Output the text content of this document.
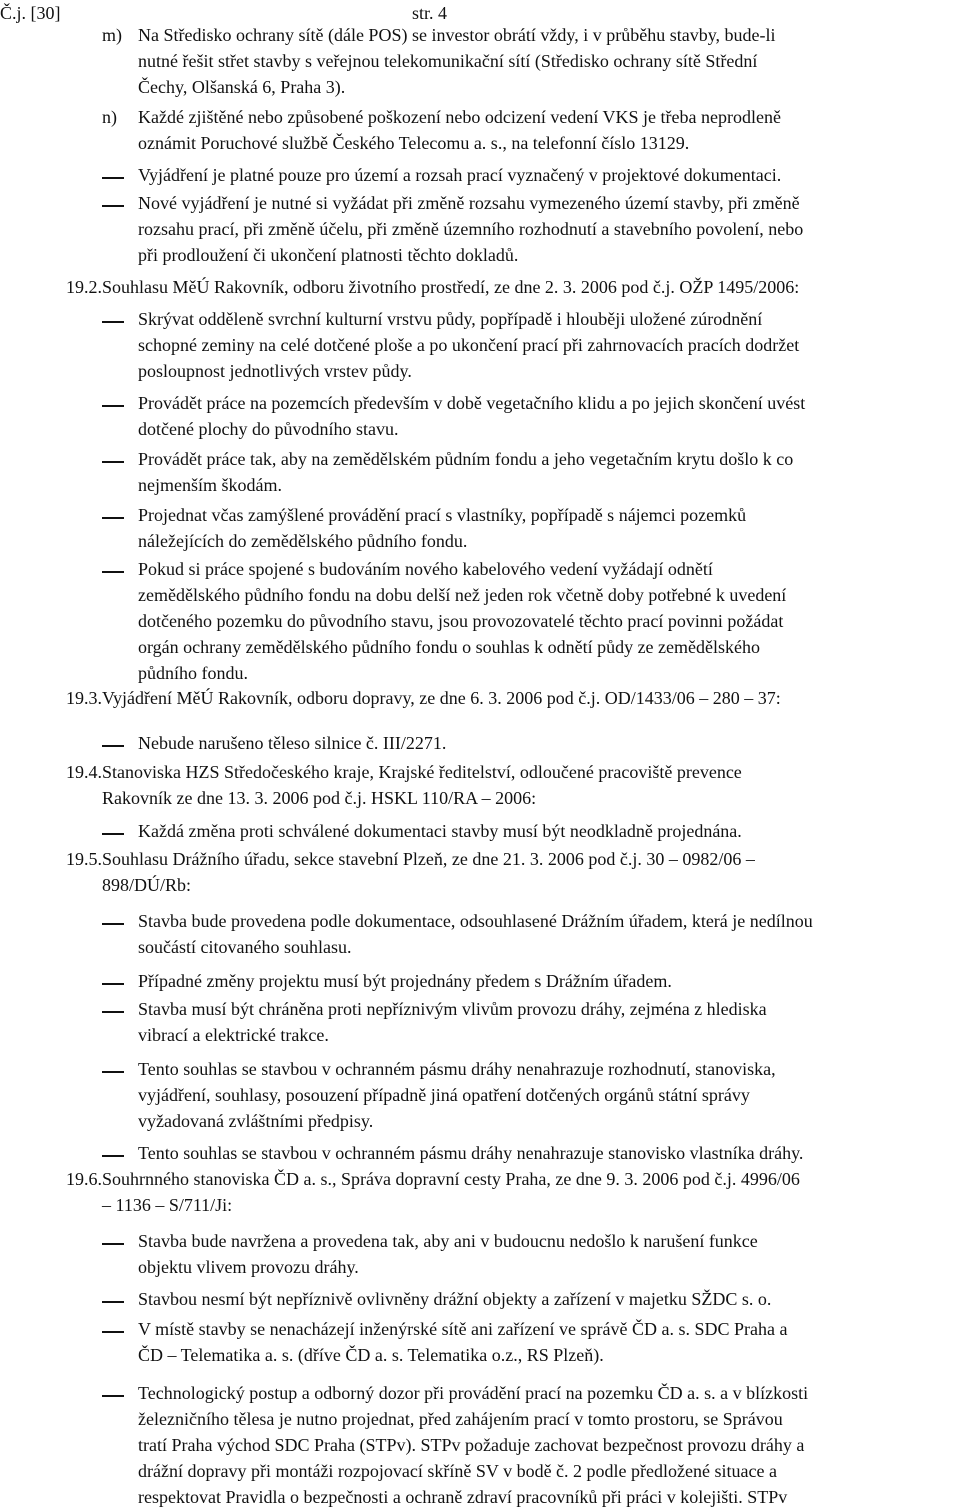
Č.j. [30]	str. 4
m) Na Středisko ochrany sítě (dále POS) se investor obrátí vždy, i v průběhu stavby, bude-li
nutné řešit střet stavby s veřejnou telekomunikační sítí (Středisko ochrany sítě Střední
Čechy, Olšanská 6, Praha 3).
n) Každé zjištěné nebo způsobené poškození nebo odcizení vedení VKS je třeba neprodleně
oznámit Poruchové službě Českého Telecomu a. s., na telefonní číslo 13129.
Vyjádření je platné pouze pro území a rozsah prací vyznačený v projektové dokumentaci.
Nové vyjádření je nutné si vyžádat při změně rozsahu vymezeného území stavby, při změně
rozsahu prací, při změně účelu, při změně územního rozhodnutí a stavebního povolení, nebo
při prodloužení či ukončení platnosti těchto dokladů.
19.2.Souhlasu MěÚ Rakovník, odboru životního prostředí, ze dne 2. 3. 2006 pod č.j. OŽP 1495/2006:
Skrývat odděleně svrchní kulturní vrstvu půdy, popřípadě i hlouběji uložené zúrodnění
schopné zeminy na celé dotčené ploše a po ukončení prací při zahrnovacích pracích dodržet
posloupnost jednotlivých vrstev půdy.
Provádět práce na pozemcích především v době vegetačního klidu a po jejich skončení uvést
dotčené plochy do původního stavu.
Provádět práce tak, aby na zemědělském půdním fondu a jeho vegetačním krytu došlo k co
nejmenším škodám.
Projednat včas zamýšlené provádění prací s vlastníky, popřípadě s nájemci pozemků
náležejících do zemědělského půdního fondu.
Pokud si práce spojené s budováním nového kabelového vedení vyžádají odnětí
zemědělského půdního fondu na dobu delší než jeden rok včetně doby potřebné k uvedení
dotčeného pozemku do původního stavu, jsou provozovatelé těchto prací povinni požádat
orgán ochrany zemědělského půdního fondu o souhlas k odnětí půdy ze zemědělského
půdního fondu.
19.3.Vyjádření MěÚ Rakovník, odboru dopravy, ze dne 6. 3. 2006 pod č.j. OD/1433/06 – 280 – 37:
Nebude narušeno těleso silnice č. III/2271.
19.4.Stanoviska HZS Středočeského kraje, Krajské ředitelství, odloučené pracoviště prevence
Rakovník ze dne 13. 3. 2006 pod č.j. HSKL 110/RA – 2006:
Každá změna proti schválené dokumentaci stavby musí být neodkladně projednána.
19.5.Souhlasu Drážního úřadu, sekce stavební Plzeň, ze dne 21. 3. 2006 pod č.j. 30 – 0982/06 –
898/DÚ/Rb:
Stavba bude provedena podle dokumentace, odsouhlasené Drážním úřadem, která je nedílnou
součástí citovaného souhlasu.
Případné změny projektu musí být projednány předem s Drážním úřadem.
Stavba musí být chráněna proti nepříznivým vlivům provozu dráhy, zejména z hlediska
vibrací a elektrické trakce.
Tento souhlas se stavbou v ochranném pásmu dráhy nenahrazuje rozhodnutí, stanoviska,
vyjádření, souhlasy, posouzení případně jiná opatření dotčených orgánů státní správy
vyžadovaná zvláštními předpisy.
Tento souhlas se stavbou v ochranném pásmu dráhy nenahrazuje stanovisko vlastníka dráhy.
19.6.Souhrnného stanoviska ČD a. s., Správa dopravní cesty Praha, ze dne 9. 3. 2006 pod č.j. 4996/06
– 1136 – S/711/Ji:
Stavba bude navržena a provedena tak, aby ani v budoucnu nedošlo k narušení funkce
objektu vlivem provozu dráhy.
Stavbou nesmí být nepříznivě ovlivněny drážní objekty a zařízení v majetku SŽDC s. o.
V místě stavby se nenacházejí inženýrské sítě ani zařízení ve správě ČD a. s. SDC Praha a
ČD – Telematika a. s. (dříve ČD a. s. Telematika o.z., RS Plzeň).
Technologický postup a odborný dozor při provádění prací na pozemku ČD a. s. a v blízkosti
železničního tělesa je nutno projednat, před zahájením prací v tomto prostoru, se Správou
tratí Praha východ SDC Praha (STPv). STPv požaduje zachovat bezpečnost provozu dráhy a
drážní dopravy při montáži rozpojovací skříně SV v bodě č. 2 podle předložené situace a
respektovat Pravidla o bezpečnosti a ochraně zdraví pracovníků při práci v kolejišti. STPv
